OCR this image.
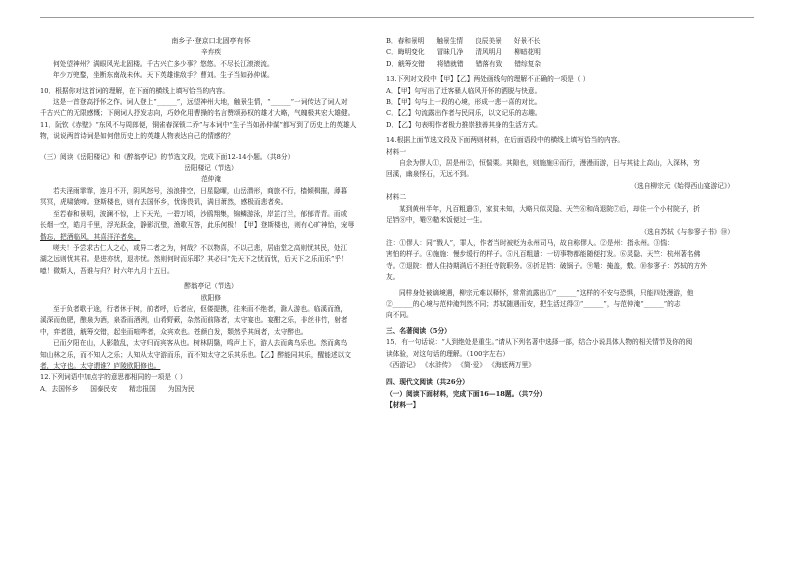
南乡子·登京口北固亭有怀

辛弃疾

何处望神州？满眼风光北固楼。千古兴亡多少事？悠悠。不尽长江滚滚流。

年少万兜鍪，坐断东南战未休。天下英雄谁敌手？曹刘。生子当如孙仲谋。

10．根据你对这首词的理解，在下面的横线上填写恰当的内容。

这是一首登高抒怀之作。词人登上“______”，远望神州大地，触景生情，“______”一词传达了词人对

千古兴亡的无限感慨；下阕词人抒发志向，巧妙化用曹操的名言赞颂孙权的雄才大略，气魄极其宏大雄健。

11．阮钦《赤壁》“东风不与周郎便，铜雀春深锁二乔”与本词中“生子当如孙仲谋”都写到了历史上的英雄人

物，说说两首诗词是如何借历史上的英雄人物表达自己的情感的？

（三）阅读《岳阳楼记》和《醉翁亭记》的节选文段，完成下面12-14小题。（共8分）

岳阳楼记（节选）

范仲淹

若夫淫雨霏霏，连月不开，阴风怒号，浊浪排空，日星隐曜，山岳潜形，商旅不行，樯倾楫摧，薄暮

冥冥，虎啸猿啼。登斯楼也，则有去国怀乡，忧谗畏讥，满目萧然，感极而悲者矣。

至若春和景明，波澜不惊，上下天光，一碧万顷，沙鸥翔集，锦鳞游泳，岸芷汀兰，郁郁青青。而或

长烟一空，皓月千里，浮光跃金，静影沉璧，渔歌互答，此乐何极！【甲】登斯楼也，则有心旷神怡，宠辱

偕忘，把酒临风，其喜洋洋者矣。

嗟夫！予尝求古仁人之心，或异二者之为，何哉？不以物喜，不以己悲，居庙堂之高则忧其民，处江

湖之远则忧其君。是进亦忧，退亦忧。然则何时而乐耶？其必曰“先天下之忧而忧，后天下之乐而乐”乎！

噫！微斯人，吾谁与归？时六年九月十五日。

醉翁亭记（节选）

欧阳修

至于负者歌于途，行者休于树，前者呼，后者应，伛偻提携，往来而不绝者，滁人游也。临溪而渔，

溪深而鱼肥，酿泉为酒，泉香而酒洌，山肴野蔌，杂然而前陈者，太守宴也。宴酣之乐，非丝非竹，射者

中，弈者胜，觥筹交错，起坐而喧哗者，众宾欢也。苍颜白发，颓然乎其间者，太守醉也。

已而夕阳在山，人影散乱，太守归而宾客从也。树林阴翳，鸣声上下，游人去而禽鸟乐也。然而禽鸟

知山林之乐，而不知人之乐；人知从太守游而乐，而不知太守之乐其乐也。【乙】醉能同其乐，醒能述以文

者，太守也。太守谓谁？庐陵欧阳修也。

12.下列词语中加点字的意思都相同的一项是（ ）

A．去国怀乡 国泰民安 精忠报国 为国为民
B．春和景明 触景生情 良辰美景 好景不长
C．晦明变化 冒昧几净 清风明月 柳暗花明
D．觥筹交错 将错就错 错落有致 错综复杂

13.下列对文段中【甲】【乙】两处画线句的理解不正确的一项是（ ）

A．【甲】句写出了迁客骚人临风开怀的洒脱与快意。

B．【甲】句与上一段的心境，形成一悲一喜的对比。

C．【乙】句流露出作者与民同乐，以文记乐的志趣。

D．【乙】句表明作者极力推崇独善其身的生活方式。

14.根据上面节选文段及下面两则材料，在后面语段中的横线上填写恰当的内容。

材料一

自余为僇人①，居是州②，恒惴栗。其隙也，则施施④而行，漫漫而游，日与其徒上高山，入深林，穷

回溪，幽泉怪石，无远不到。

（选自柳宗元《始得西山宴游记》）

材料二

某到黄州半年，凡百粗遣⑤，家贫未知，大略只似灵隐、天竺⑥和尚退院⑦后，却住一个小村院子，折

足铛⑧中，罨⑨糙米饭便过一生。

（选自苏轼《与参寥子书》⑩）

注：①僇人：同“戮人”，罪人，作者当时被贬为永州司马，故自称僇人。②是州：指永州。③惴：

害怕的样子。④施施：慢步缓行的样子。⑤凡百粗遣：一切事物都能随便打发。⑥灵隐、天竺：杭州著名佛

寺。⑦退院：僧人住持期满后不担任寺院职务。⑧折足铛：破锅子。⑨罨：掩盖，敷。⑩参寥子：苏轼的方外

友。

同样身处被谪境遇，柳宗元难以释怀，常常流露出①“______”这样的不安与恐惧，只能四处漫游，他

②______的心境与范仲淹判然不同；苏轼随遇而安，把生活过得③“______”，与范仲淹“______”的志

向不同。

三、名著阅读（5分）

15．有一句话说：“人到绝处是重生。”请从下列名著中选择一部，结合小说具体人物的相关情节及你的阅

读体验，对这句话的理解。（100字左右）

《西游记》 《水浒传》 《简·爱》 《海底两万里》

四、现代文阅读（共26分）

（一）阅读下面材料，完成下面16—18题。（共7分）

【材料一】
